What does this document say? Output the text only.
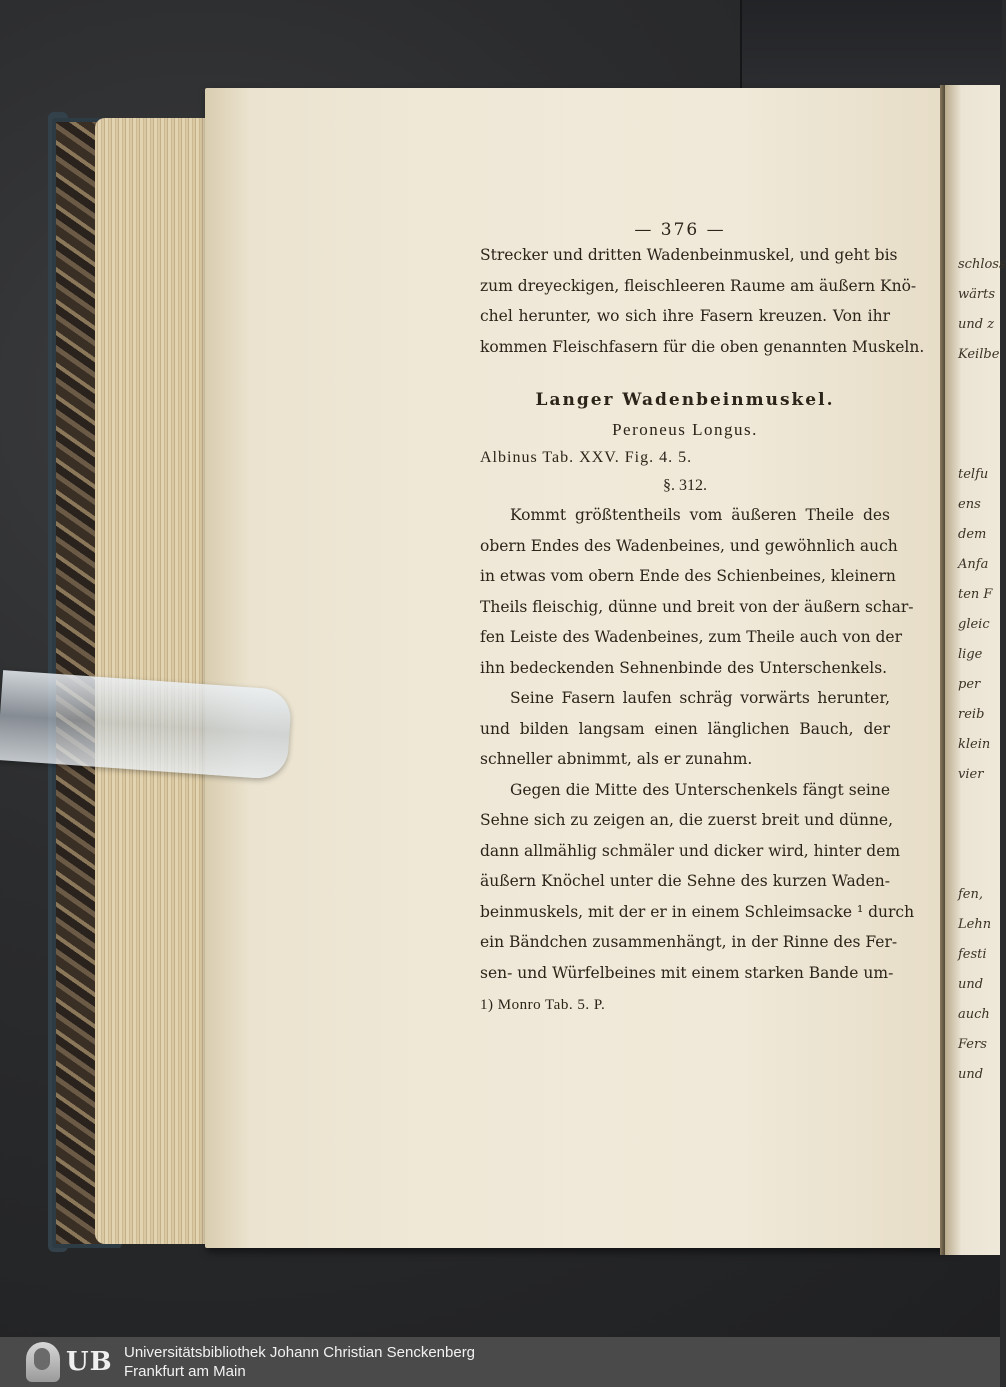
schloss
wärts
und z
Keilbe
telfu
ens
dem
Anfa
ten F
gleic
lige
per
reib
klein
vier
fen,
Lehn
festi
und
auch
Fers
und
— 376 —
Strecker und dritten Wadenbeinmuskel, und geht bis
zum dreyeckigen, fleischleeren Raume am äußern Knö-
chel herunter, wo sich ihre Fasern kreuzen. Von ihr
kommen Fleischfasern für die oben genannten Muskeln.
Langer Wadenbeinmuskel.
Peroneus Longus.
Albinus Tab. XXV. Fig. 4. 5.
§. 312.
Kommt größtentheils vom äußeren Theile des
obern Endes des Wadenbeines, und gewöhnlich auch
in etwas vom obern Ende des Schienbeines, kleinern
Theils fleischig, dünne und breit von der äußern schar-
fen Leiste des Wadenbeines, zum Theile auch von der
ihn bedeckenden Sehnenbinde des Unterschenkels.
Seine Fasern laufen schräg vorwärts herunter,
und bilden langsam einen länglichen Bauch, der
schneller abnimmt, als er zunahm.
Gegen die Mitte des Unterschenkels fängt seine
Sehne sich zu zeigen an, die zuerst breit und dünne,
dann allmählig schmäler und dicker wird, hinter dem
äußern Knöchel unter die Sehne des kurzen Waden-
beinmuskels, mit der er in einem Schleimsacke ¹ durch
ein Bändchen zusammenhängt, in der Rinne des Fer-
sen- und Würfelbeines mit einem starken Bande um-
1) Monro Tab. 5. P.
UB Universitätsbibliothek Johann Christian Senckenberg
Frankfurt am Main
